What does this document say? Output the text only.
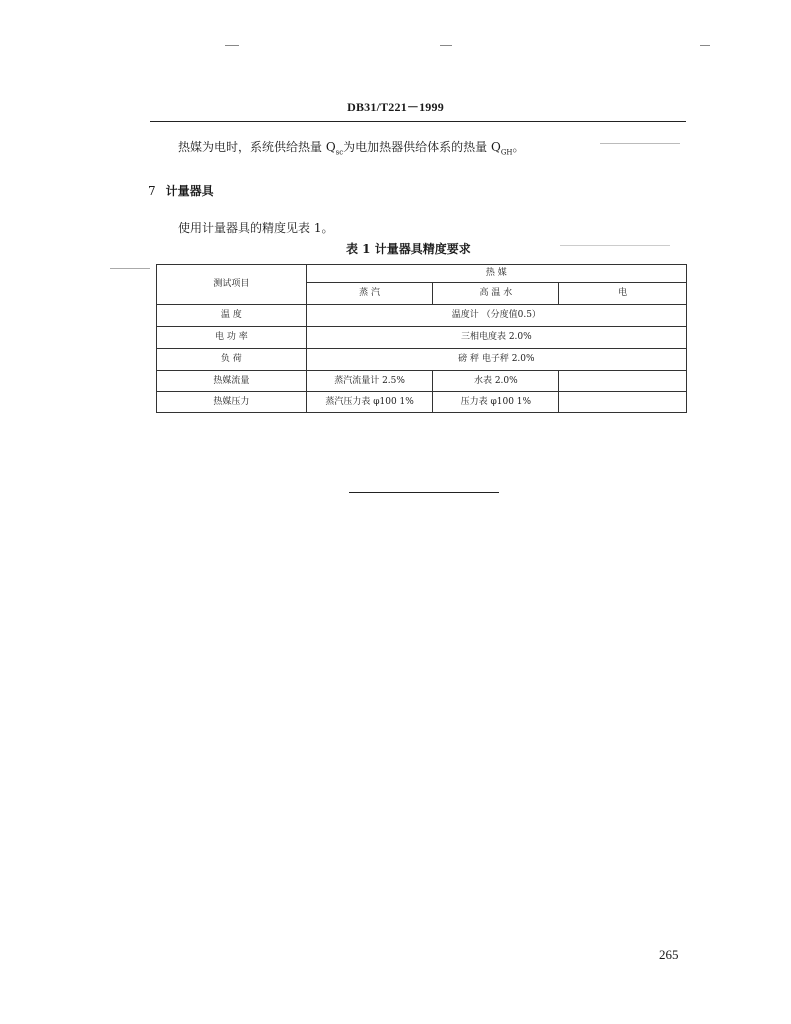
DB31/T221－1999
热媒为电时，系统供给热量 $Q_{sc}$为电加热器供给体系的热量 $Q_{GH}$。
7 计量器具
使用计量器具的精度见表 1。
表 1 计量器具精度要求
测试项目	热 媒		
	蒸 汽	高 温 水	电
温 度	温度计 （分度值0.5）		
电 功 率	三相电度表 2.0%		
负 荷	磅 秤 电子秤 2.0%		
热媒流量	蒸汽流量计 2.5%	水表 2.0%	
热媒压力	蒸汽压力表 φ100 1%	压力表 φ100 1%	
265
